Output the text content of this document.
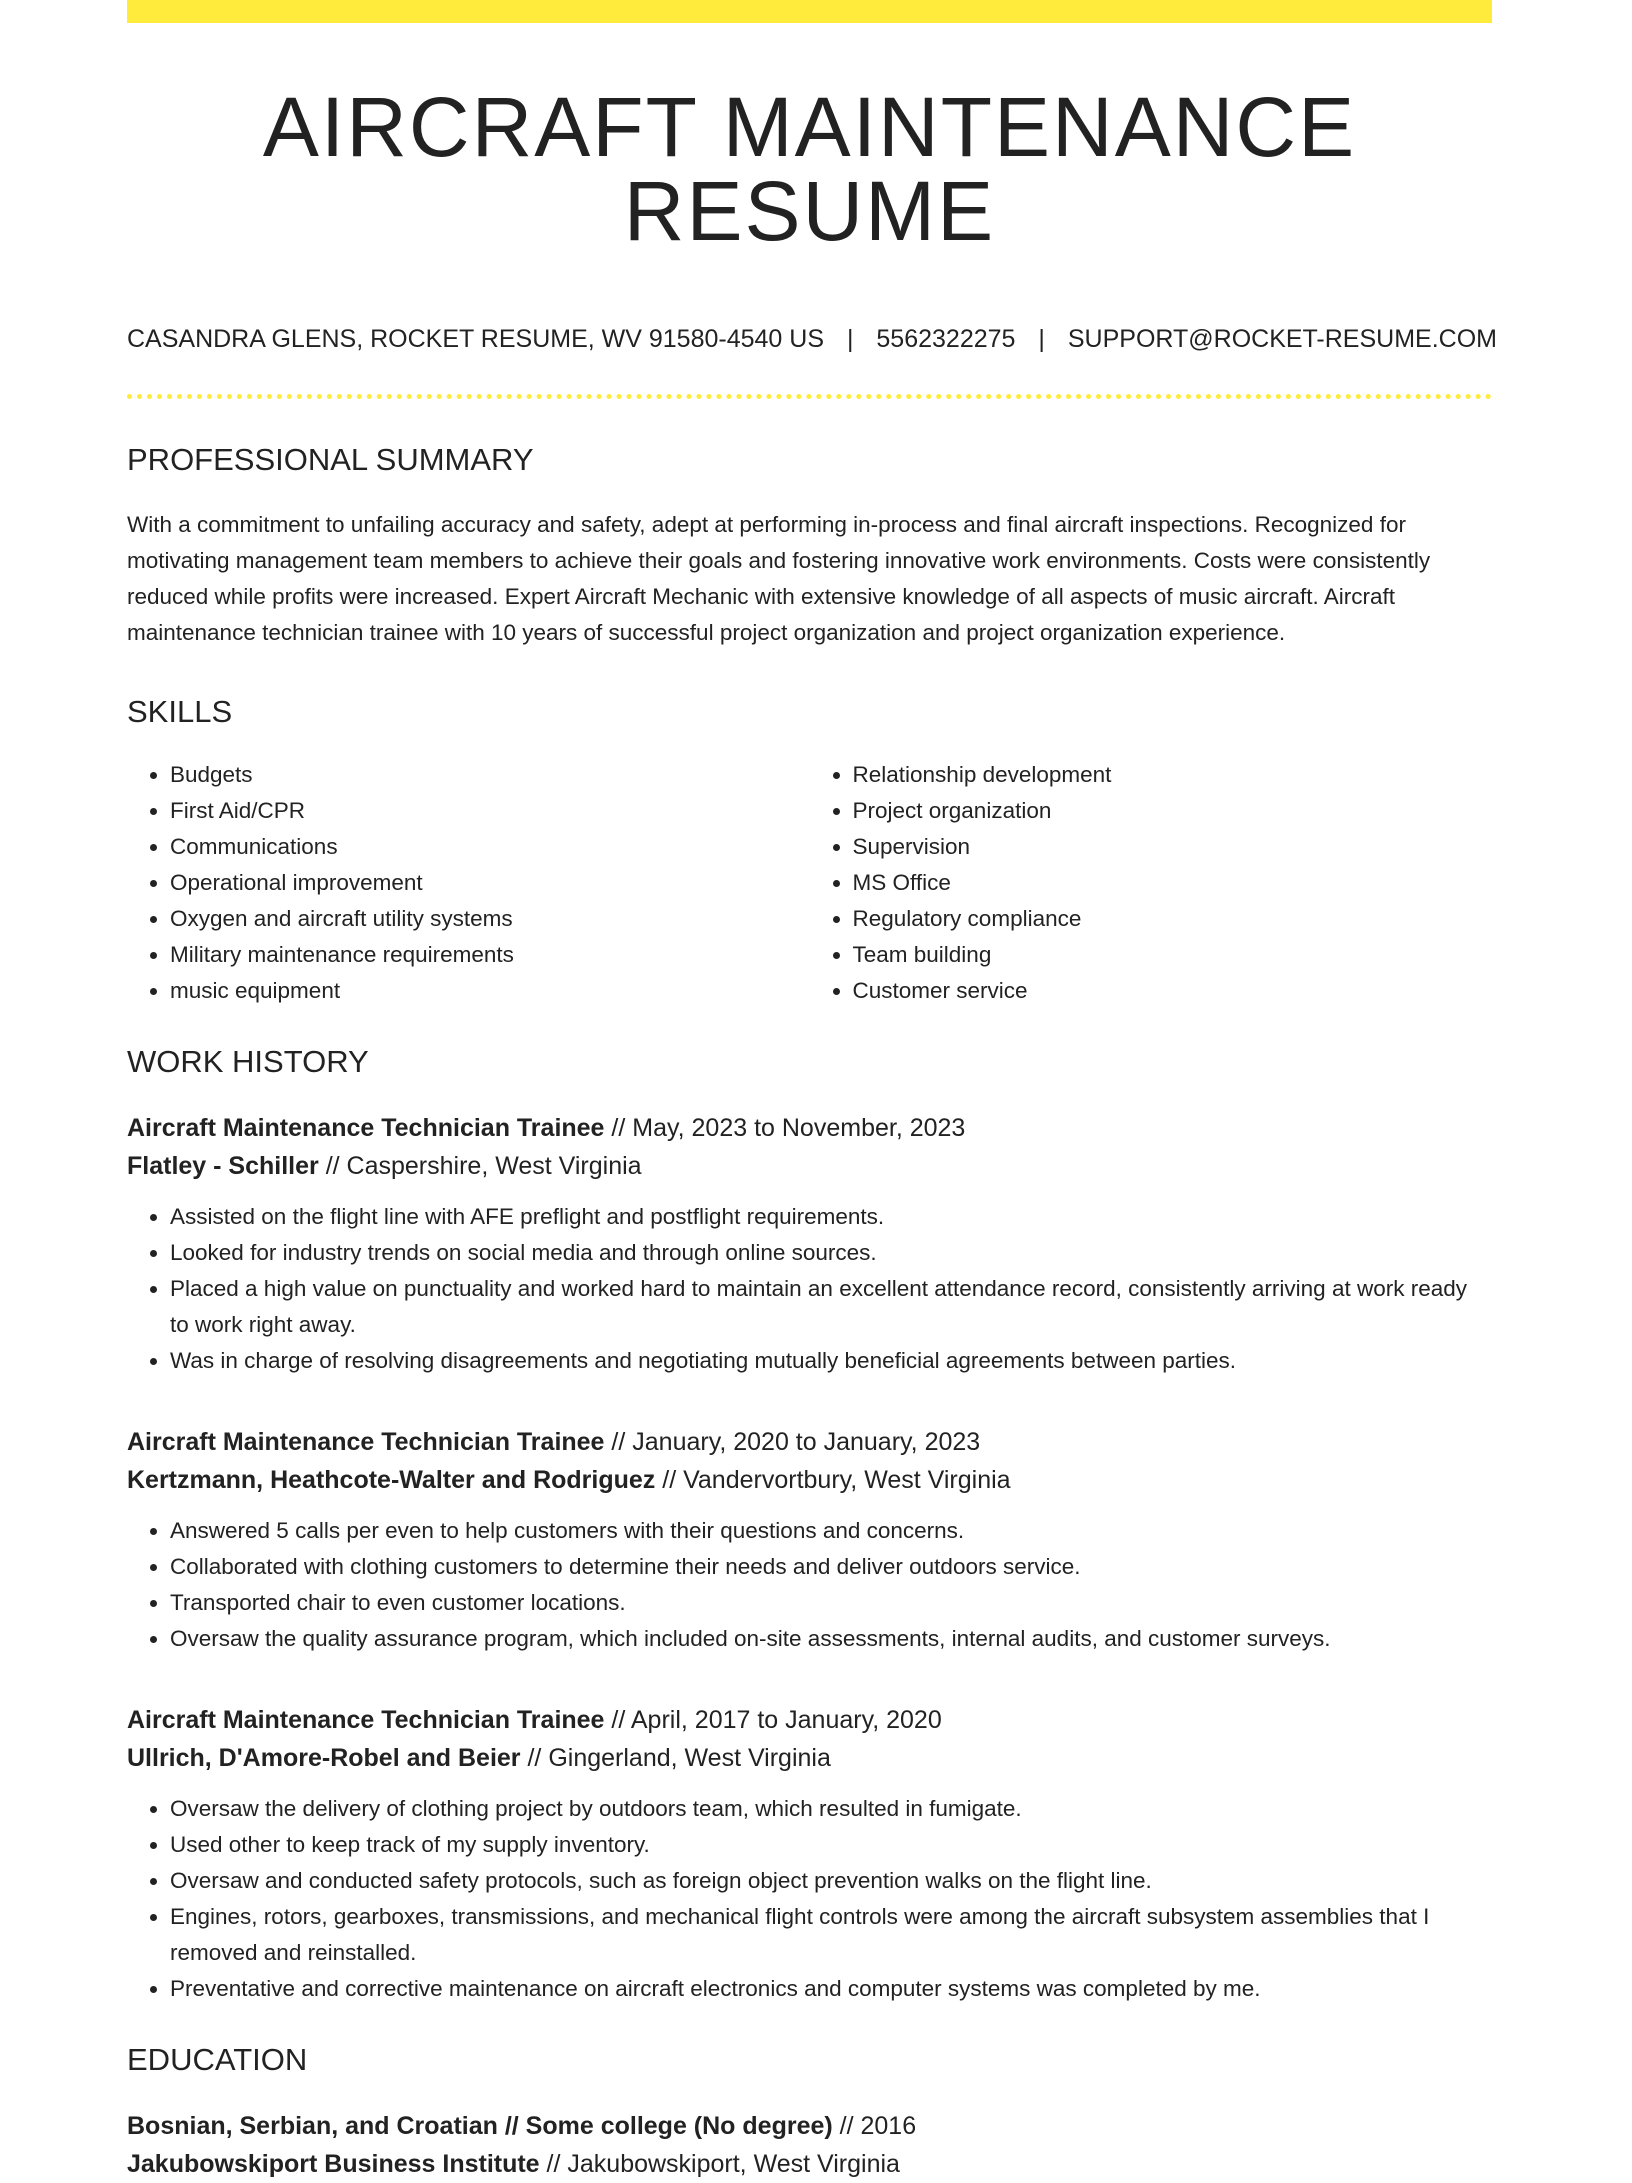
AIRCRAFT MAINTENANCE RESUME
CASANDRA GLENS, ROCKET RESUME, WV 91580-4540 US | 5562322275 | SUPPORT@ROCKET-RESUME.COM
PROFESSIONAL SUMMARY

With a commitment to unfailing accuracy and safety, adept at performing in-process and final aircraft inspections. Recognized for motivating management team members to achieve their goals and fostering innovative work environments. Costs were consistently reduced while profits were increased. Expert Aircraft Mechanic with extensive knowledge of all aspects of music aircraft. Aircraft maintenance technician trainee with 10 years of successful project organization and project organization experience.

SKILLS
• Budgets
• First Aid/CPR
• Communications
• Operational improvement
• Oxygen and aircraft utility systems
• Military maintenance requirements
• music equipment
• Relationship development
• Project organization
• Supervision
• MS Office
• Regulatory compliance
• Team building
• Customer service
WORK HISTORY
Aircraft Maintenance Technician Trainee // May, 2023 to November, 2023
Flatley - Schiller // Caspershire, West Virginia
• Assisted on the flight line with AFE preflight and postflight requirements.
• Looked for industry trends on social media and through online sources.
• Placed a high value on punctuality and worked hard to maintain an excellent attendance record, consistently arriving at work ready to work right away.
• Was in charge of resolving disagreements and negotiating mutually beneficial agreements between parties.
Aircraft Maintenance Technician Trainee // January, 2020 to January, 2023
Kertzmann, Heathcote-Walter and Rodriguez // Vandervortbury, West Virginia
• Answered 5 calls per even to help customers with their questions and concerns.
• Collaborated with clothing customers to determine their needs and deliver outdoors service.
• Transported chair to even customer locations.
• Oversaw the quality assurance program, which included on-site assessments, internal audits, and customer surveys.
Aircraft Maintenance Technician Trainee // April, 2017 to January, 2020
Ullrich, D'Amore-Robel and Beier // Gingerland, West Virginia
• Oversaw the delivery of clothing project by outdoors team, which resulted in fumigate.
• Used other to keep track of my supply inventory.
• Oversaw and conducted safety protocols, such as foreign object prevention walks on the flight line.
• Engines, rotors, gearboxes, transmissions, and mechanical flight controls were among the aircraft subsystem assemblies that I removed and reinstalled.
• Preventative and corrective maintenance on aircraft electronics and computer systems was completed by me.
EDUCATION
Bosnian, Serbian, and Croatian // Some college (No degree) // 2016
Jakubowskiport Business Institute // Jakubowskiport, West Virginia
